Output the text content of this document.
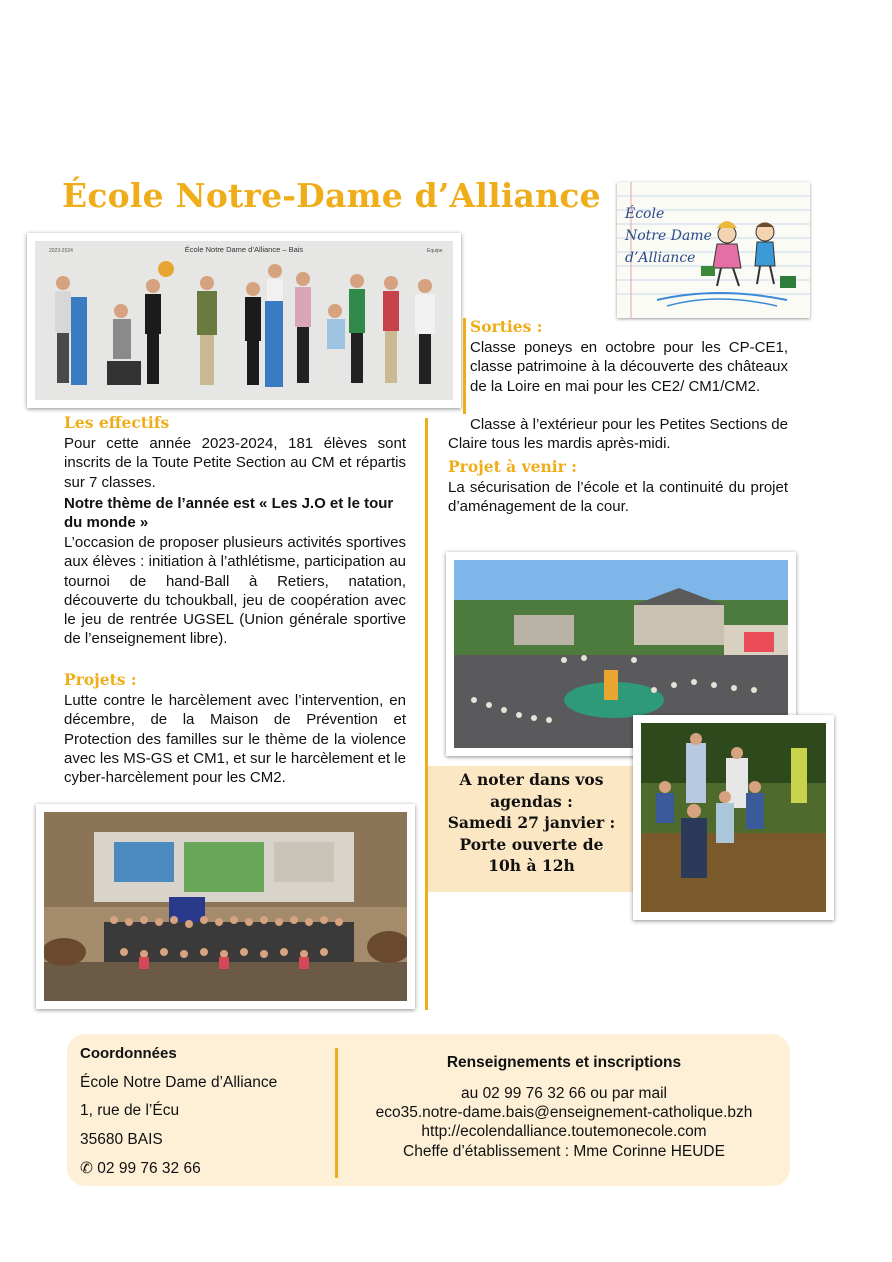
École Notre-Dame d’Alliance École
Notre Dame
d’Alliance
École Notre Dame d’Alliance – Bais
2023-2024	Equipe
Les effectifs
Pour cette année 2023-2024, 181 élèves sont inscrits de la Toute Petite Section au CM et répartis sur 7 classes.
Notre thème de l’année est « Les J.O et le tour du monde »
L’occasion de proposer plusieurs activités sportives aux élèves : initiation à l’athlétisme, participation au tournoi de hand-Ball à Retiers, natation, découverte du tchoukball, jeu de coopération avec le jeu de rentrée UGSEL (Union générale sportive de l’enseignement libre).
Projets :
Lutte contre le harcèlement avec l’intervention, en décembre, de la Maison de Prévention et Protection des familles sur le thème de la violence avec les MS-GS et CM1, et sur le harcèlement et le cyber-harcèlement pour les CM2.
Sorties :
Classe poneys en octobre pour les CP-CE1, classe patrimoine à la découverte des châteaux de la Loire en mai pour les CE2/ CM1/CM2.
Classe à l’extérieur pour les Petites Sections de Claire tous les mardis après-midi.
Projet à venir :
La sécurisation de l’école et la continuité du projet d’aménagement de la cour.
A noter dans vos
agendas :
Samedi 27 janvier :
Porte ouverte de
10h à 12h
Coordonnées
École Notre Dame d’Alliance
1, rue de l’Écu
35680 BAIS
✆ 02 99 76 32 66
Renseignements et inscriptions
au 02 99 76 32 66 ou par mail
eco35.notre-dame.bais@enseignement-catholique.bzh
http://ecolendalliance.toutemonecole.com
Cheffe d’établissement : Mme Corinne HEUDE
